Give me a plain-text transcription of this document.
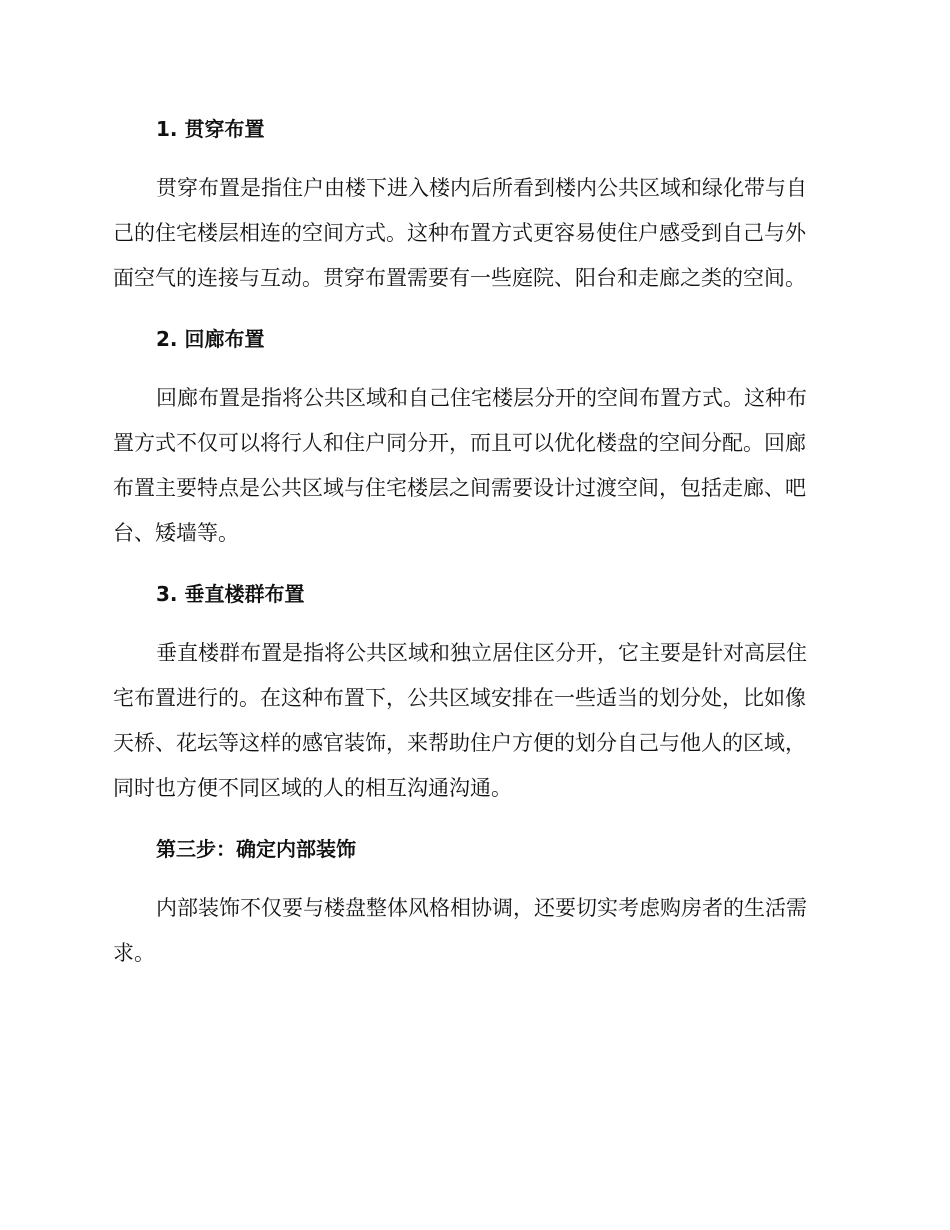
1. 贯穿布置

贯穿布置是指住户由楼下进入楼内后所看到楼内公共区域和绿化带与自
己的住宅楼层相连的空间方式。这种布置方式更容易使住户感受到自己与外
面空气的连接与互动。贯穿布置需要有一些庭院、阳台和走廊之类的空间。

2. 回廊布置

回廊布置是指将公共区域和自己住宅楼层分开的空间布置方式。这种布
置方式不仅可以将行人和住户同分开，而且可以优化楼盘的空间分配。回廊
布置主要特点是公共区域与住宅楼层之间需要设计过渡空间，包括走廊、吧
台、矮墙等。

3. 垂直楼群布置

垂直楼群布置是指将公共区域和独立居住区分开，它主要是针对高层住
宅布置进行的。在这种布置下，公共区域安排在一些适当的划分处，比如像
天桥、花坛等这样的感官装饰，来帮助住户方便的划分自己与他人的区域，
同时也方便不同区域的人的相互沟通沟通。

第三步：确定内部装饰

内部装饰不仅要与楼盘整体风格相协调，还要切实考虑购房者的生活需
求。
